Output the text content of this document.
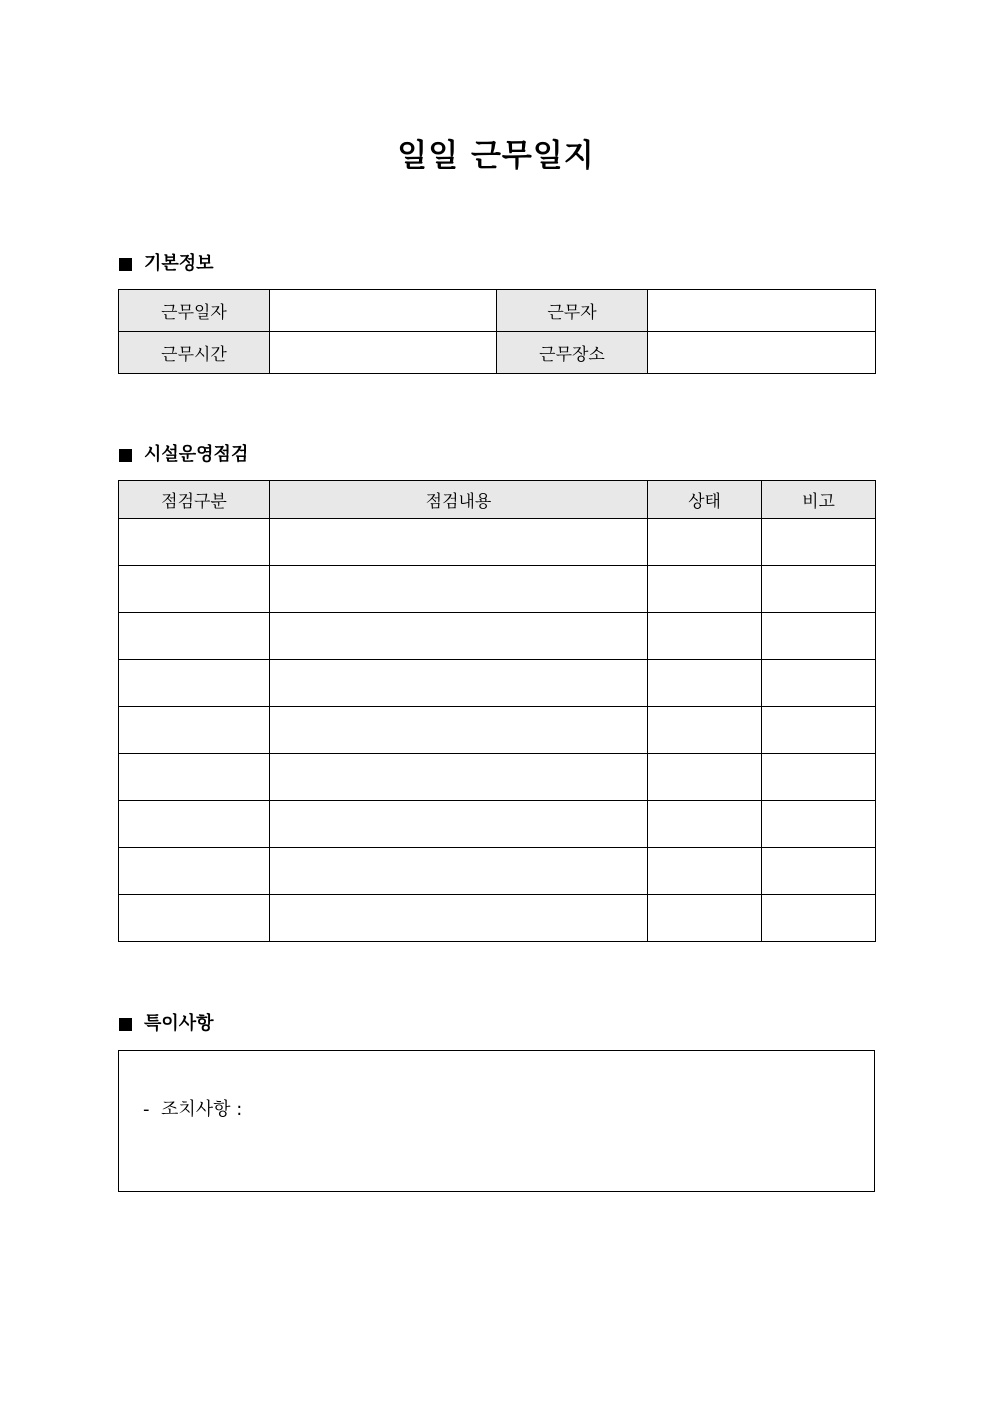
일일 근무일지
기본정보
근무일자		근무자	
근무시간		근무장소	
시설운영점검
점검구분	점검내용	상태	비고

특이사항
-  조치사항 :
